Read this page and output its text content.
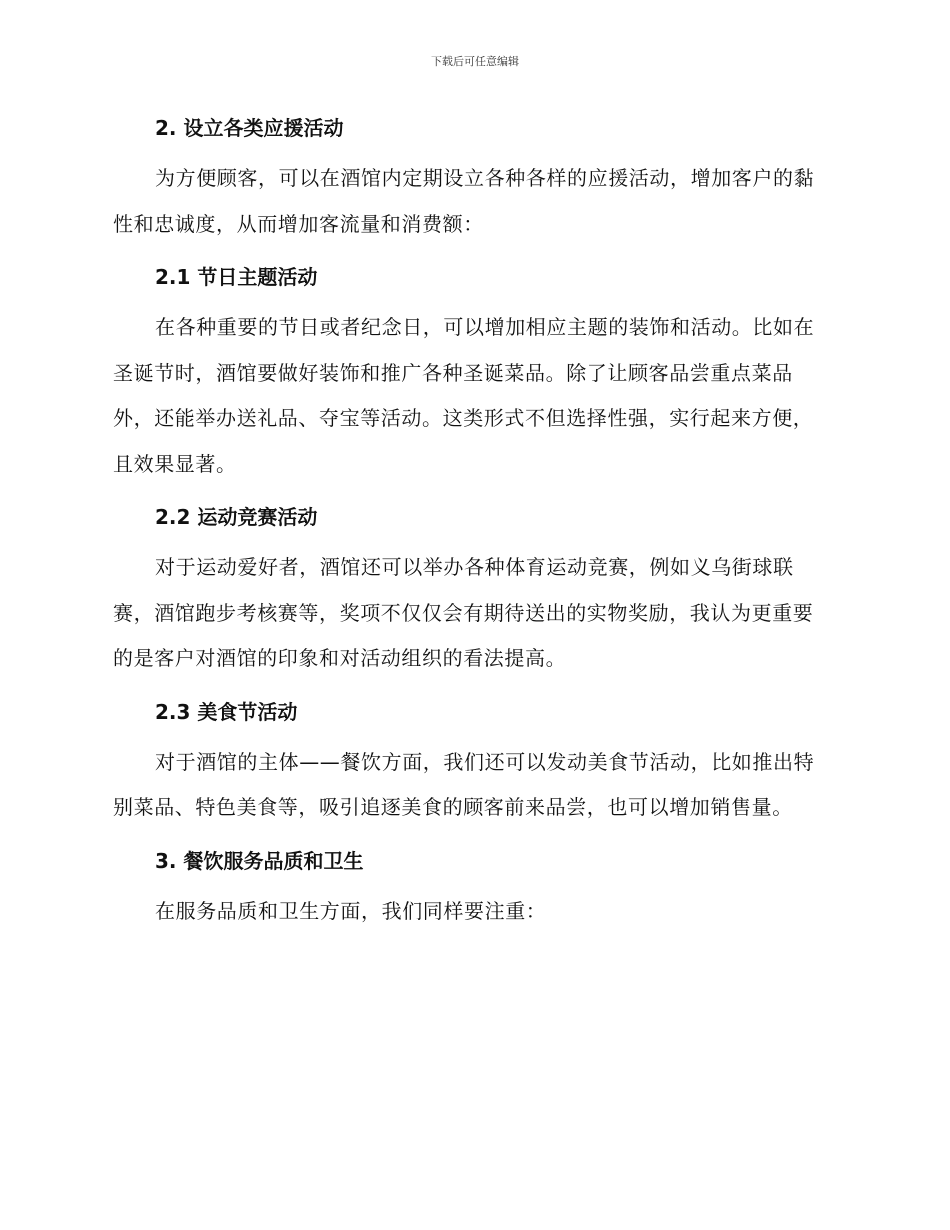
下载后可任意编辑
2. 设立各类应援活动

为方便顾客，可以在酒馆内定期设立各种各样的应援活动，增加客户的黏性和忠诚度，从而增加客流量和消费额：

2.1 节日主题活动

在各种重要的节日或者纪念日，可以增加相应主题的装饰和活动。比如在圣诞节时，酒馆要做好装饰和推广各种圣诞菜品。除了让顾客品尝重点菜品外，还能举办送礼品、夺宝等活动。这类形式不但选择性强，实行起来方便，且效果显著。

2.2 运动竞赛活动

对于运动爱好者，酒馆还可以举办各种体育运动竞赛，例如义乌街球联赛，酒馆跑步考核赛等，奖项不仅仅会有期待送出的实物奖励，我认为更重要的是客户对酒馆的印象和对活动组织的看法提高。

2.3 美食节活动

对于酒馆的主体——餐饮方面，我们还可以发动美食节活动，比如推出特别菜品、特色美食等，吸引追逐美食的顾客前来品尝，也可以增加销售量。

3. 餐饮服务品质和卫生

在服务品质和卫生方面，我们同样要注重：
